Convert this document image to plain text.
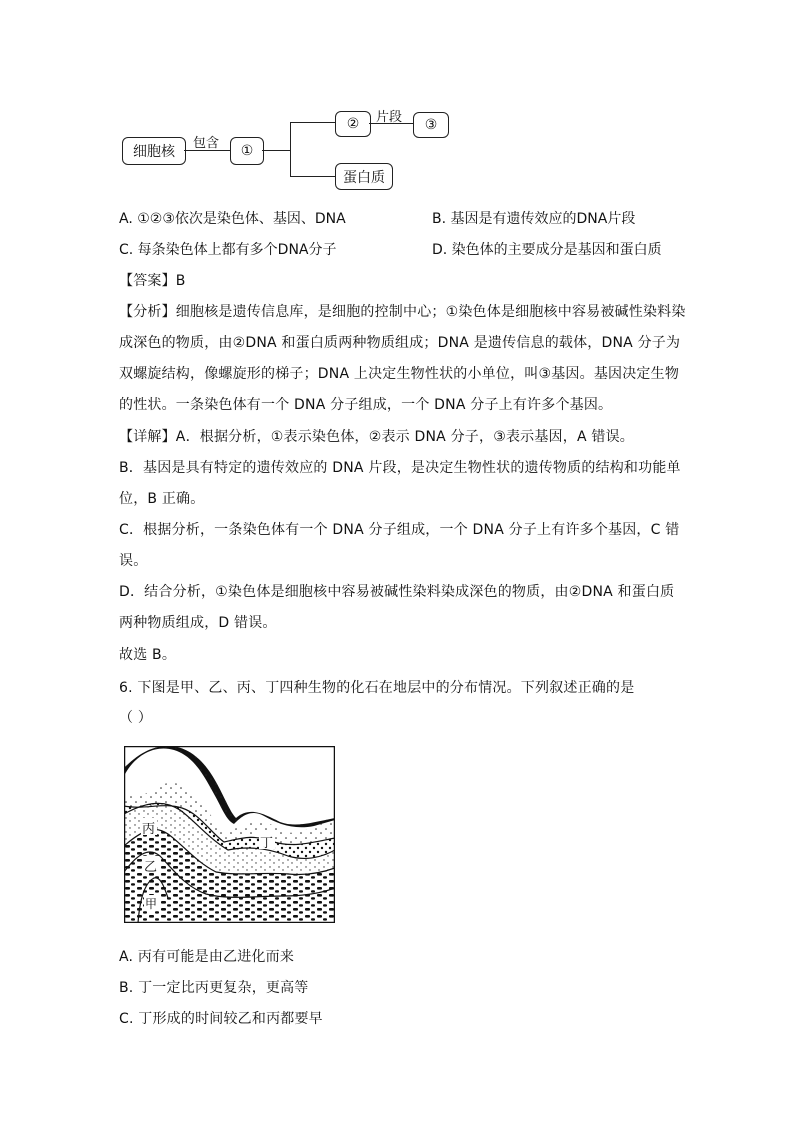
细胞核
包含 ①
② 片段 ③
蛋白质
A. ①②③依次是染色体、基因、DNA	B. 基因是有遗传效应的DNA片段
C. 每条染色体上都有多个DNA分子	D. 染色体的主要成分是基因和蛋白质
【答案】B
【分析】细胞核是遗传信息库，是细胞的控制中心；①染色体是细胞核中容易被碱性染料染
成深色的物质，由②DNA 和蛋白质两种物质组成；DNA 是遗传信息的载体，DNA 分子为
双螺旋结构，像螺旋形的梯子；DNA 上决定生物性状的小单位，叫③基因。基因决定生物
的性状。一条染色体有一个 DNA 分子组成，一个 DNA 分子上有许多个基因。
【详解】A．根据分析，①表示染色体，②表示 DNA 分子，③表示基因，A 错误。
B．基因是具有特定的遗传效应的 DNA 片段，是决定生物性状的遗传物质的结构和功能单
位，B 正确。
C．根据分析，一条染色体有一个 DNA 分子组成，一个 DNA 分子上有许多个基因，C 错
误。
D．结合分析，①染色体是细胞核中容易被碱性染料染成深色的物质，由②DNA 和蛋白质
两种物质组成，D 错误。
故选 B。
6. 下图是甲、乙、丙、丁四种生物的化石在地层中的分布情况。下列叙述正确的是
（ ）
丙
丁
乙
甲
A. 丙有可能是由乙进化而来
B. 丁一定比丙更复杂，更高等
C. 丁形成的时间较乙和丙都要早
